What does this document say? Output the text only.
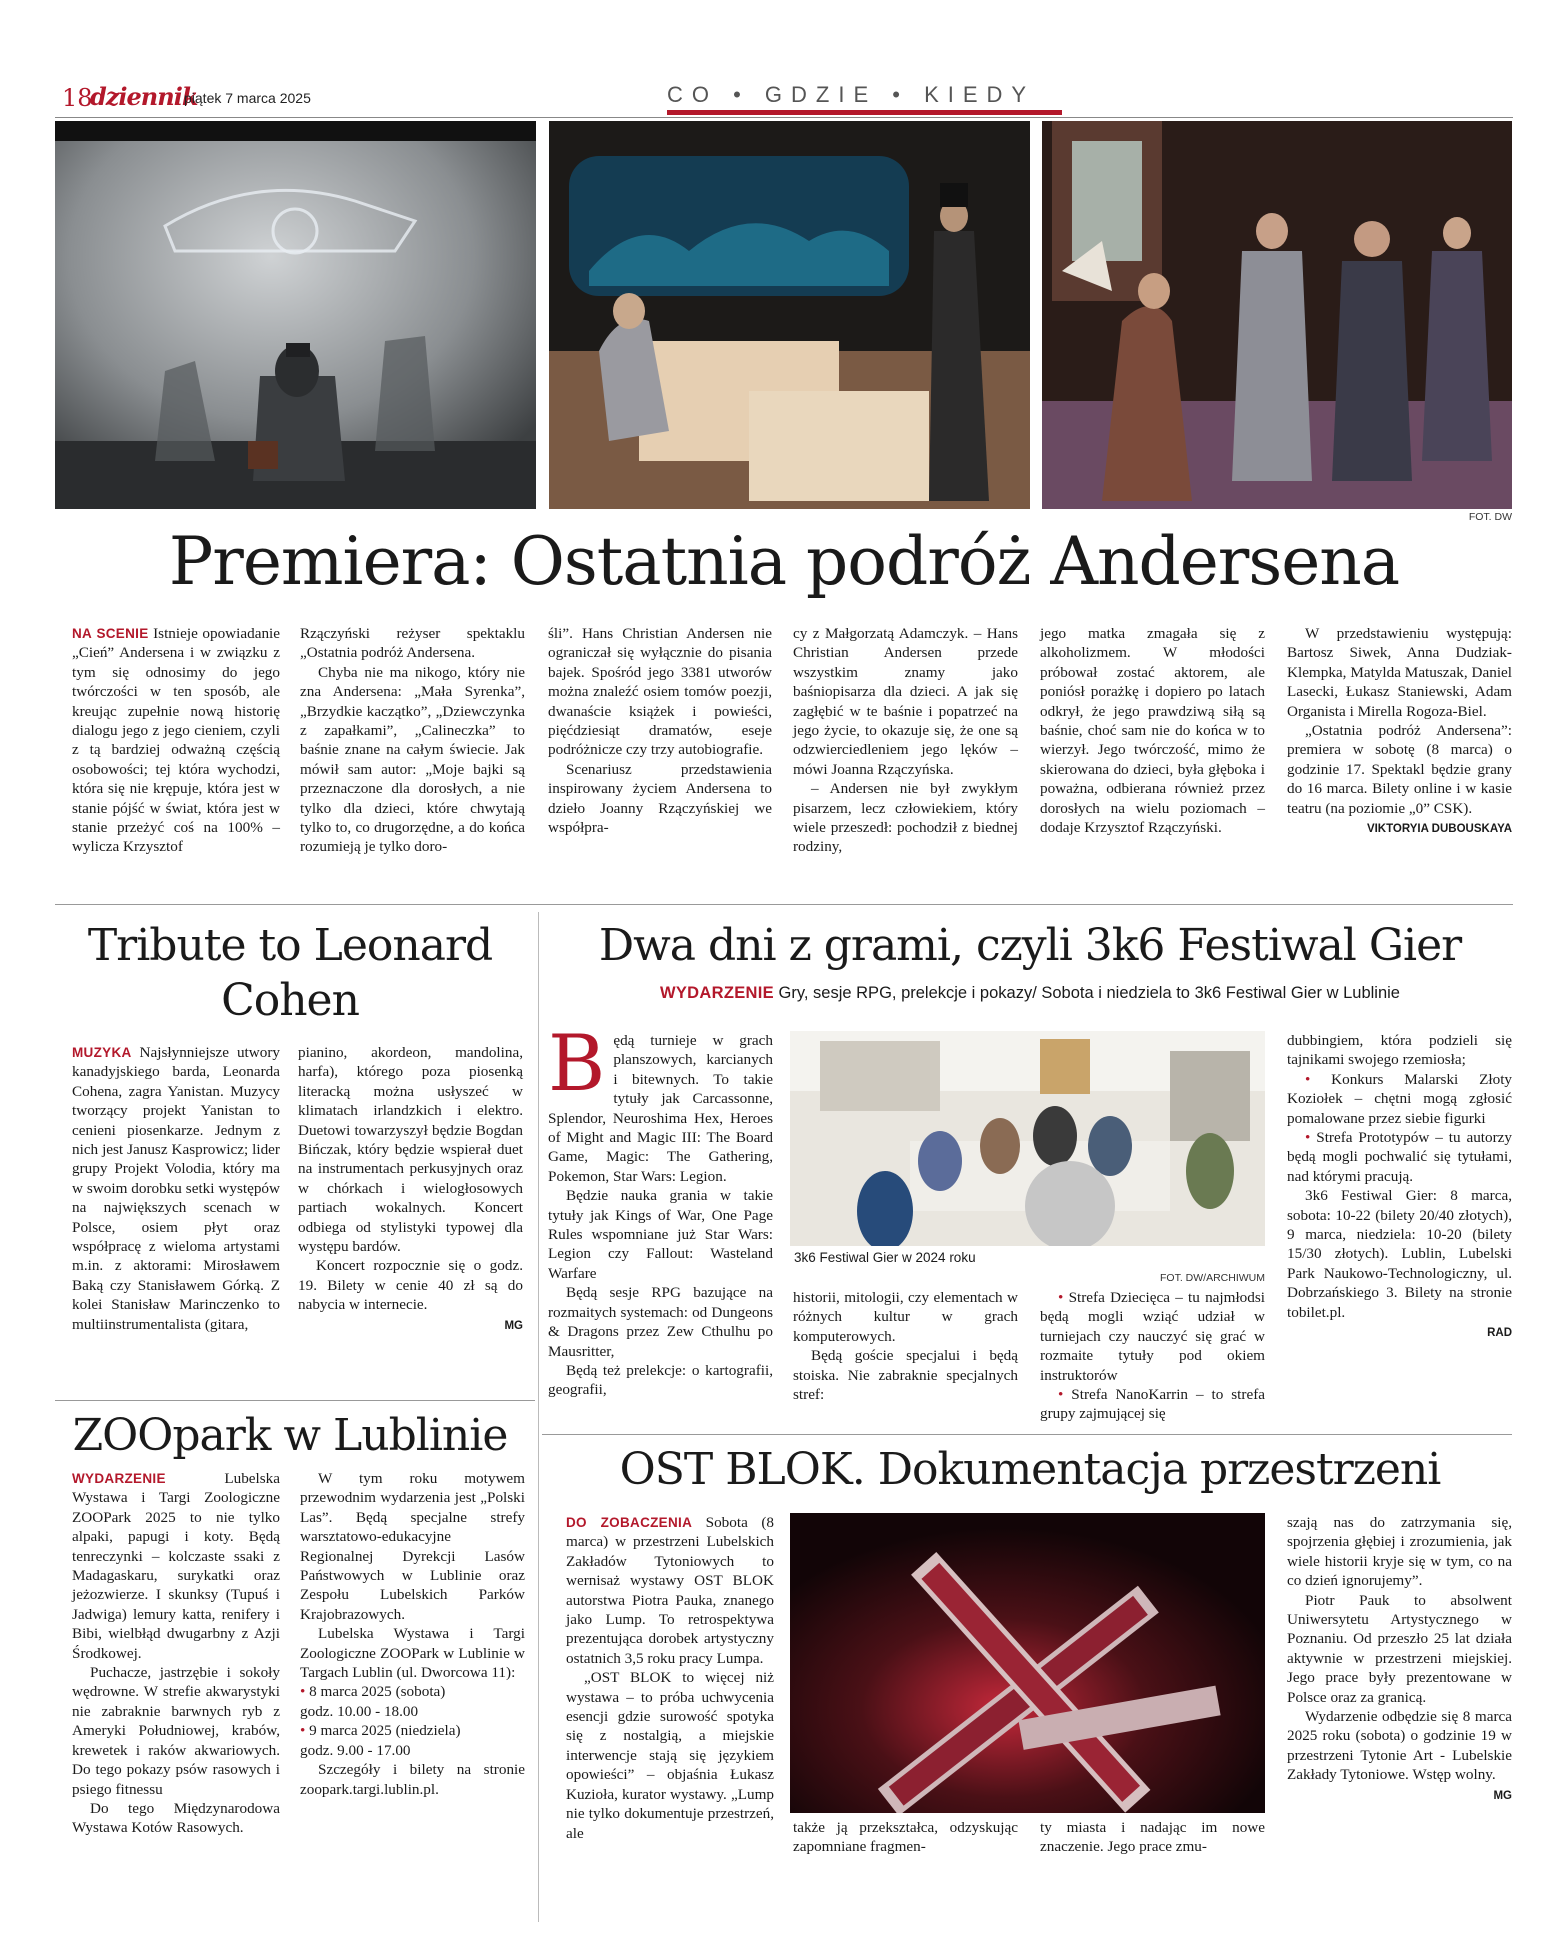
18
dziennik
piątek 7 marca 2025	CO • GDZIE • KIEDY
FOT. DW
Premiera: Ostatnia podróż Andersena

NA SCENIE Istnieje opowiadanie „Cień” Andersena i w związku z tym się odnosimy do jego twórczości w ten sposób, ale kreując zupełnie nową historię dialogu jego z jego cieniem, czyli z tą bardziej odważną częścią osobowości; tej która wychodzi, która się nie krępuje, która jest w stanie pójść w świat, która jest w stanie przeżyć coś na 100% – wylicza Krzysztof

Rzączyński reżyser spektaklu „Ostatnia podróż Andersena.

Chyba nie ma nikogo, który nie zna Andersena: „Mała Syrenka”, „Brzydkie kaczątko”, „Dziewczynka z zapałkami”, „Calineczka” to baśnie znane na całym świecie. Jak mówił sam autor: „Moje bajki są przeznaczone dla dorosłych, a nie tylko dla dzieci, które chwytają tylko to, co drugorzędne, a do końca rozumieją je tylko doro-

śli”. Hans Christian Andersen nie ograniczał się wyłącznie do pisania bajek. Spośród jego 3381 utworów można znaleźć osiem tomów poezji, dwanaście książek i powieści, pięćdziesiąt dramatów, eseje podróżnicze czy trzy autobiografie.

Scenariusz przedstawienia inspirowany życiem Andersena to dzieło Joanny Rzączyńskiej we współpra-

cy z Małgorzatą Adamczyk. – Hans Christian Andersen przede wszystkim znamy jako baśniopisarza dla dzieci. A jak się zagłębić w te baśnie i popatrzeć na jego życie, to okazuje się, że one są odzwierciedleniem jego lęków – mówi Joanna Rzączyńska.

– Andersen nie był zwykłym pisarzem, lecz człowiekiem, który wiele przeszedł: pochodził z biednej rodziny,

jego matka zmagała się z alkoholizmem. W młodości próbował zostać aktorem, ale poniósł porażkę i dopiero po latach odkrył, że jego prawdziwą siłą są baśnie, choć sam nie do końca w to wierzył. Jego twórczość, mimo że skierowana do dzieci, była głęboka i poważna, odbierana również przez dorosłych na wielu poziomach – dodaje Krzysztof Rzączyński.

W przedstawieniu występują: Bartosz Siwek, Anna Dudziak- Klempka, Matylda Matuszak, Daniel Lasecki, Łukasz Staniewski, Adam Organista i Mirella Rogoza-Biel.

„Ostatnia podróż Andersena”: premiera w sobotę (8 marca) o godzinie 17. Spektakl będzie grany do 16 marca. Bilety online i w kasie teatru (na poziomie „0” CSK).

VIKTORYIA DUBOUSKAYA
Tribute to Leonard Cohen

MUZYKA Najsłynniejsze utwory kanadyjskiego barda, Leonarda Cohena, zagra Yanistan. Muzycy tworzący projekt Yanistan to cenieni piosenkarze. Jednym z nich jest Janusz Kasprowicz; lider grupy Projekt Volodia, który ma w swoim dorobku setki występów na największych scenach w Polsce, osiem płyt oraz współpracę z wieloma artystami m.in. z aktorami: Mirosławem Baką czy Stanisławem Górką. Z kolei Stanisław Marinczenko to multiinstrumentalista (gitara,

pianino, akordeon, mandolina, harfa), którego poza piosenką literacką można usłyszeć w klimatach irlandzkich i elektro. Duetowi towarzyszył będzie Bogdan Bińczak, który będzie wspierał duet na instrumentach perkusyjnych oraz w chórkach i wielogłosowych partiach wokalnych. Koncert odbiega od stylistyki typowej dla występu bardów.

Koncert rozpocznie się o godz. 19. Bilety w cenie 40 zł są do nabycia w internecie.

MG
Dwa dni z grami, czyli 3k6 Festiwal Gier
WYDARZENIE Gry, sesje RPG, prelekcje i pokazy/ Sobota i niedziela to 3k6 Festiwal Gier w Lublinie

Będą turnieje w grach planszowych, karcianych i bitewnych. To takie tytuły jak Carcassonne, Splendor, Neuroshima Hex, Heroes of Might and Magic III: The Board Game, Magic: The Gathering, Pokemon, Star Wars: Legion.

Będzie nauka grania w takie tytuły jak Kings of War, One Page Rules wspomniane już Star Wars: Legion czy Fallout: Wasteland Warfare

Będą sesje RPG bazujące na rozmaitych systemach: od Dungeons & Dragons przez Zew Cthulhu po Mausritter,

Będą też prelekcje: o kartografii, geografii,

3k6 Festiwal Gier w 2024 roku
FOT. DW/ARCHIWUM

historii, mitologii, czy elementach w różnych kultur w grach komputerowych.

Będą goście specjalui i będą stoiska. Nie zabraknie specjalnych stref:

• Strefa Dziecięca – tu najmłodsi będą mogli wziąć udział w turniejach czy nauczyć się grać w rozmaite tytuły pod okiem instruktorów

• Strefa NanoKarrin – to strefa grupy zajmującej się

dubbingiem, która podzieli się tajnikami swojego rzemiosła;

• Konkurs Malarski Złoty Koziołek – chętni mogą zgłosić pomalowane przez siebie figurki

• Strefa Prototypów – tu autorzy będą mogli pochwalić się tytułami, nad którymi pracują.

3k6 Festiwal Gier: 8 marca, sobota: 10-22 (bilety 20/40 złotych), 9 marca, niedziela: 10-20 (bilety 15/30 złotych). Lublin, Lubelski Park Naukowo-Technologiczny, ul. Dobrzańskiego 3. Bilety na stronie tobilet.pl.

RAD
ZOOpark w Lublinie

WYDARZENIE	Lubelska Wystawa i Targi Zoologiczne ZOOPark 2025 to nie tylko alpaki, papugi i koty. Będą tenreczynki – kolczaste ssaki z Madagaskaru, surykatki oraz jeżozwierze. I skunksy (Tupuś i Jadwiga) lemury katta, renifery i Bibi, wielbłąd dwugarbny z Azji Środkowej.

Puchacze, jastrzębie i sokoły wędrowne. W strefie akwarystyki nie zabraknie barwnych ryb z Ameryki Południowej, krabów, krewetek i raków akwariowych. Do tego pokazy psów rasowych i psiego fitnessu

Do tego Międzynarodowa Wystawa Kotów Rasowych.

W tym roku motywem przewodnim wydarzenia jest „Polski Las”. Będą specjalne strefy warsztatowo-edukacyjne Regionalnej Dyrekcji Lasów Państwowych w Lublinie oraz Zespołu Lubelskich Parków Krajobrazowych.

Lubelska Wystawa i Targi Zoologiczne ZOOPark w Lublinie w Targach Lublin (ul. Dworcowa 11):

• 8 marca 2025 (sobota)

godz. 10.00 - 18.00

• 9 marca 2025 (niedziela)

godz. 9.00 - 17.00

Szczegóły i bilety na stronie zoopark.targi.lublin.pl.

OST BLOK. Dokumentacja przestrzeni

DO ZOBACZENIA Sobota (8 marca) w przestrzeni Lubelskich Zakładów Tytoniowych to wernisaż wystawy OST BLOK autorstwa Piotra Pauka, znanego jako Lump. To retrospektywa prezentująca dorobek artystyczny ostatnich 3,5 roku pracy Lumpa.

„OST BLOK to więcej niż wystawa – to próba uchwycenia esencji gdzie surowość spotyka się z nostalgią, a miejskie interwencje stają się językiem opowieści” – objaśnia Łukasz Kuzioła, kurator wystawy. „Lump nie tylko dokumentuje przestrzeń, ale	także ją przekształca, odzyskując zapomniane fragmen-

ty miasta i nadając im nowe znaczenie. Jego prace zmu-

szają nas do zatrzymania się, spojrzenia głębiej i zrozumienia, jak wiele historii kryje się w tym, co na co dzień ignorujemy”.

Piotr Pauk to absolwent Uniwersytetu Artystycznego w Poznaniu. Od przeszło 25 lat działa aktywnie w przestrzeni miejskiej. Jego prace były prezentowane w Polsce oraz za granicą.

Wydarzenie odbędzie się 8 marca 2025 roku (sobota) o godzinie 19 w przestrzeni Tytonie Art - Lubelskie Zakłady Tytoniowe. Wstęp wolny.

MG
